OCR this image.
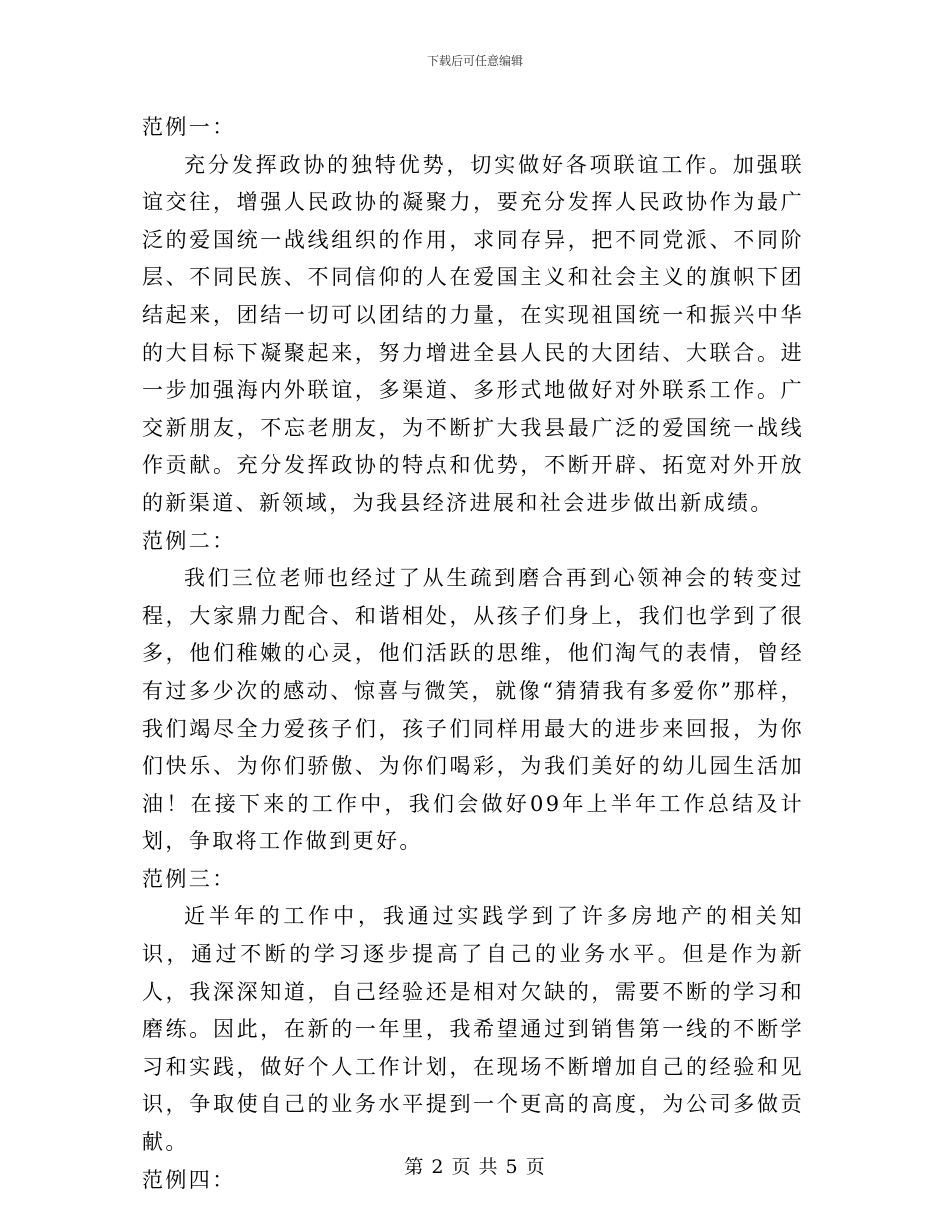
下载后可任意编辑
范例一：
充分发挥政协的独特优势，切实做好各项联谊工作。加强联谊交往，增强人民政协的凝聚力，要充分发挥人民政协作为最广泛的爱国统一战线组织的作用，求同存异，把不同党派、不同阶层、不同民族、不同信仰的人在爱国主义和社会主义的旗帜下团结起来，团结一切可以团结的力量，在实现祖国统一和振兴中华的大目标下凝聚起来，努力增进全县人民的大团结、大联合。进一步加强海内外联谊，多渠道、多形式地做好对外联系工作。广交新朋友，不忘老朋友，为不断扩大我县最广泛的爱国统一战线作贡献。充分发挥政协的特点和优势，不断开辟、拓宽对外开放的新渠道、新领域，为我县经济进展和社会进步做出新成绩。
范例二：
我们三位老师也经过了从生疏到磨合再到心领神会的转变过程，大家鼎力配合、和谐相处，从孩子们身上，我们也学到了很多，他们稚嫩的心灵，他们活跃的思维，他们淘气的表情，曾经有过多少次的感动、惊喜与微笑，就像“猜猜我有多爱你”那样，我们竭尽全力爱孩子们，孩子们同样用最大的进步来回报，为你们快乐、为你们骄傲、为你们喝彩，为我们美好的幼儿园生活加油！在接下来的工作中，我们会做好09年上半年工作总结及计划，争取将工作做到更好。
范例三：
近半年的工作中，我通过实践学到了许多房地产的相关知识，通过不断的学习逐步提高了自己的业务水平。但是作为新人，我深深知道，自己经验还是相对欠缺的，需要不断的学习和磨练。因此，在新的一年里，我希望通过到销售第一线的不断学习和实践，做好个人工作计划，在现场不断增加自己的经验和见识，争取使自己的业务水平提到一个更高的高度，为公司多做贡献。
范例四：
第 2 页 共 5 页
